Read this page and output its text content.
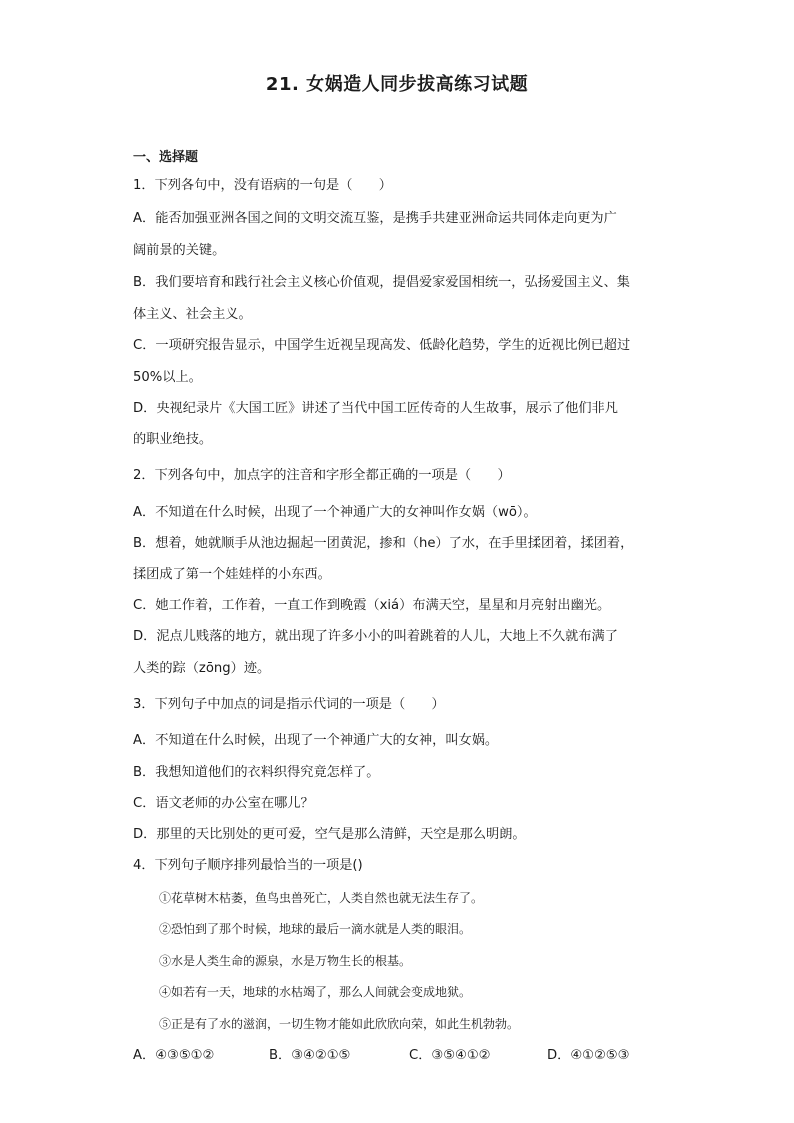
21. 女娲造人同步拔高练习试题
一、选择题
1．下列各句中，没有语病的一句是（　　）
A．能否加强亚洲各国之间的文明交流互鉴，是携手共建亚洲命运共同体走向更为广
阔前景的关键。
B．我们要培育和践行社会主义核心价值观，提倡爱家爱国相统一，弘扬爱国主义、集
体主义、社会主义。
C．一项研究报告显示，中国学生近视呈现高发、低龄化趋势，学生的近视比例已超过
50%以上。
D．央视纪录片《大国工匠》讲述了当代中国工匠传奇的人生故事，展示了他们非凡
的职业绝技。
2．下列各句中，加点字的注音和字形全都正确的一项是（　　）
A．不知道在什么时候，出现了一个神通广大的女神叫作女娲（wō）。
B．想着，她就顺手从池边掘起一团黄泥，掺和（he）了水，在手里揉团着，揉团着，
揉团成了第一个娃娃样的小东西。
C．她工作着，工作着，一直工作到晚霞（xiá）布满天空，星星和月亮射出幽光。
D．泥点儿贱落的地方，就出现了许多小小的叫着跳着的人儿，大地上不久就布满了
人类的踪（zōng）迹。
3．下列句子中加点的词是指示代词的一项是（　　）
A．不知道在什么时候，出现了一个神通广大的女神，叫女娲。
B．我想知道他们的衣料织得究竟怎样了。
C．语文老师的办公室在哪儿？
D．那里的天比别处的更可爱，空气是那么清鲜，天空是那么明朗。
4．下列句子顺序排列最恰当的一项是()
①花草树木枯萎，鱼鸟虫兽死亡，人类自然也就无法生存了。
②恐怕到了那个时候，地球的最后一滴水就是人类的眼泪。
③水是人类生命的源泉，水是万物生长的根基。
④如若有一天，地球的水枯竭了，那么人间就会变成地狱。
⑤正是有了水的滋润，一切生物才能如此欣欣向荣，如此生机勃勃。
A．④③⑤①②	B．③④②①⑤	C．③⑤④①②	D．④①②⑤③
